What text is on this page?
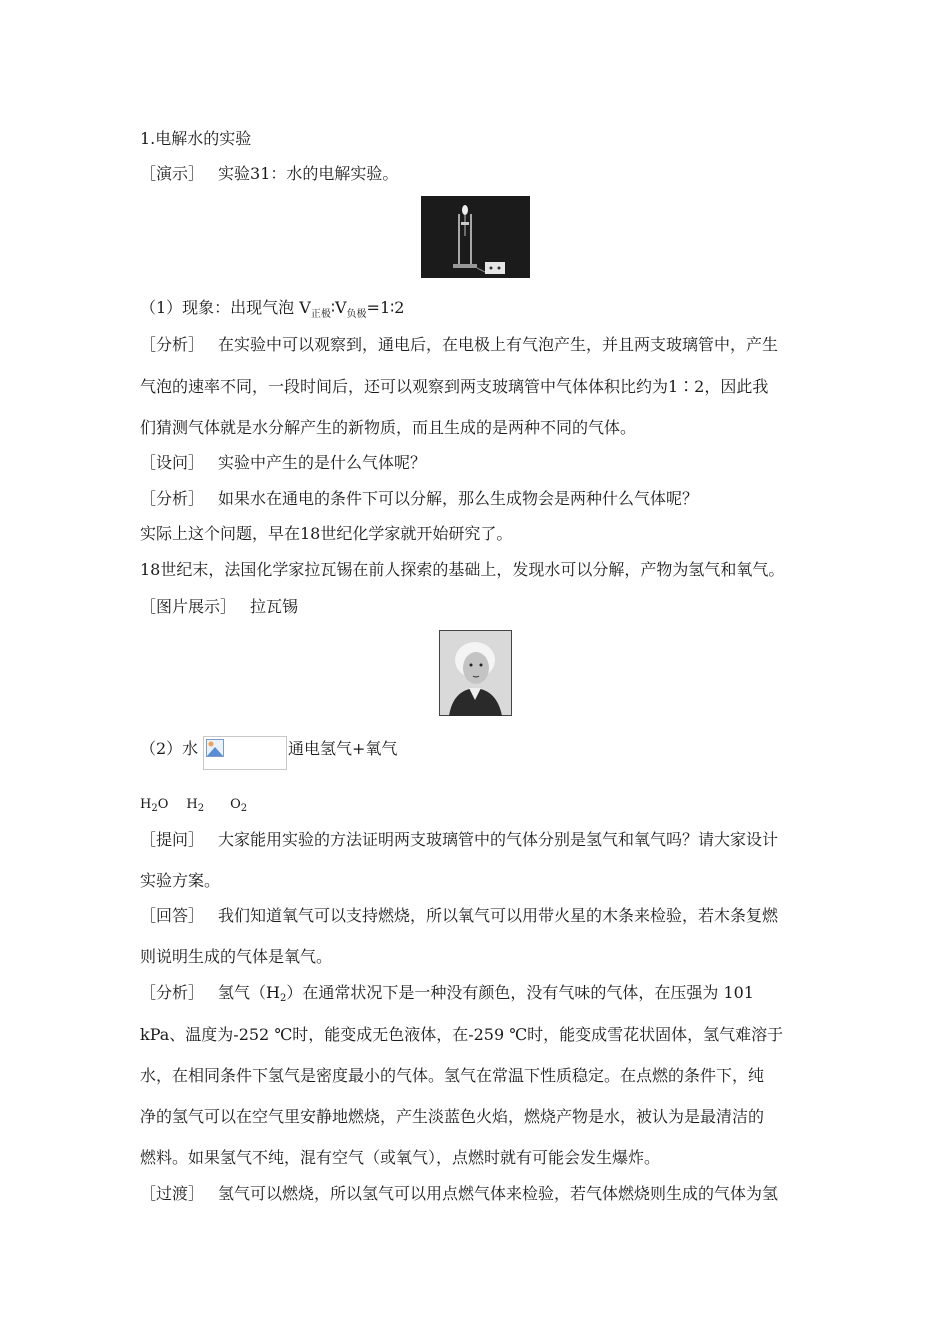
1.电解水的实验
［演示］ 实验31：水的电解实验。
（1）现象：出现气泡 $V_{正极}∶V_{负极}=1∶2$
［分析］ 在实验中可以观察到，通电后，在电极上有气泡产生，并且两支玻璃管中，产生
气泡的速率不同，一段时间后，还可以观察到两支玻璃管中气体体积比约为1∶2，因此我
们猜测气体就是水分解产生的新物质，而且生成的是两种不同的气体。
［设问］ 实验中产生的是什么气体呢？
［分析］ 如果水在通电的条件下可以分解，那么生成物会是两种什么气体呢？
实际上这个问题，早在18世纪化学家就开始研究了。
18世纪末，法国化学家拉瓦锡在前人探索的基础上，发现水可以分解，产物为氢气和氧气。
［图片展示］ 拉瓦锡
（2）水	通电氢气+氧气
$H_2O$ $H_2$ $O_2$
［提问］ 大家能用实验的方法证明两支玻璃管中的气体分别是氢气和氧气吗？请大家设计
实验方案。
［回答］ 我们知道氧气可以支持燃烧，所以氧气可以用带火星的木条来检验，若木条复燃
则说明生成的气体是氧气。
［分析］ 氢气$(H_2)$在通常状况下是一种没有颜色，没有气味的气体，在压强为 101
kPa、温度为-252 ℃时，能变成无色液体，在-259 ℃时，能变成雪花状固体，氢气难溶于
水，在相同条件下氢气是密度最小的气体。氢气在常温下性质稳定。在点燃的条件下，纯
净的氢气可以在空气里安静地燃烧，产生淡蓝色火焰，燃烧产物是水，被认为是最清洁的
燃料。如果氢气不纯，混有空气（或氧气），点燃时就有可能会发生爆炸。
［过渡］ 氢气可以燃烧，所以氢气可以用点燃气体来检验，若气体燃烧则生成的气体为氢
